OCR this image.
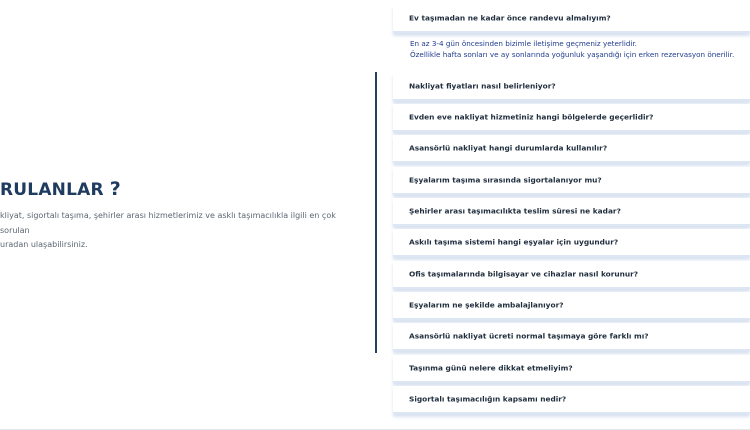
RULANLAR ?
kliyat, sigortalı taşıma, şehirler arası hizmetlerimiz ve asklı taşımacılıkla ilgili en çok sorulan
uradan ulaşabilirsiniz.
Ev taşımadan ne kadar önce randevu almalıyım?
Nakliyat fiyatları nasıl belirleniyor?
Evden eve nakliyat hizmetiniz hangi bölgelerde geçerlidir?
Asansörlü nakliyat hangi durumlarda kullanılır?
Eşyalarım taşıma sırasında sigortalanıyor mu?
Şehirler arası taşımacılıkta teslim süresi ne kadar?
Askılı taşıma sistemi hangi eşyalar için uygundur?
Ofis taşımalarında bilgisayar ve cihazlar nasıl korunur?
Eşyalarım ne şekilde ambalajlanıyor?
Asansörlü nakliyat ücreti normal taşımaya göre farklı mı?
Taşınma günü nelere dikkat etmeliyim?
Sigortalı taşımacılığın kapsamı nedir?
En az 3-4 gün öncesinden bizimle iletişime geçmeniz yeterlidir.
Özellikle hafta sonları ve ay sonlarında yoğunluk yaşandığı için erken rezervasyon önerilir.
